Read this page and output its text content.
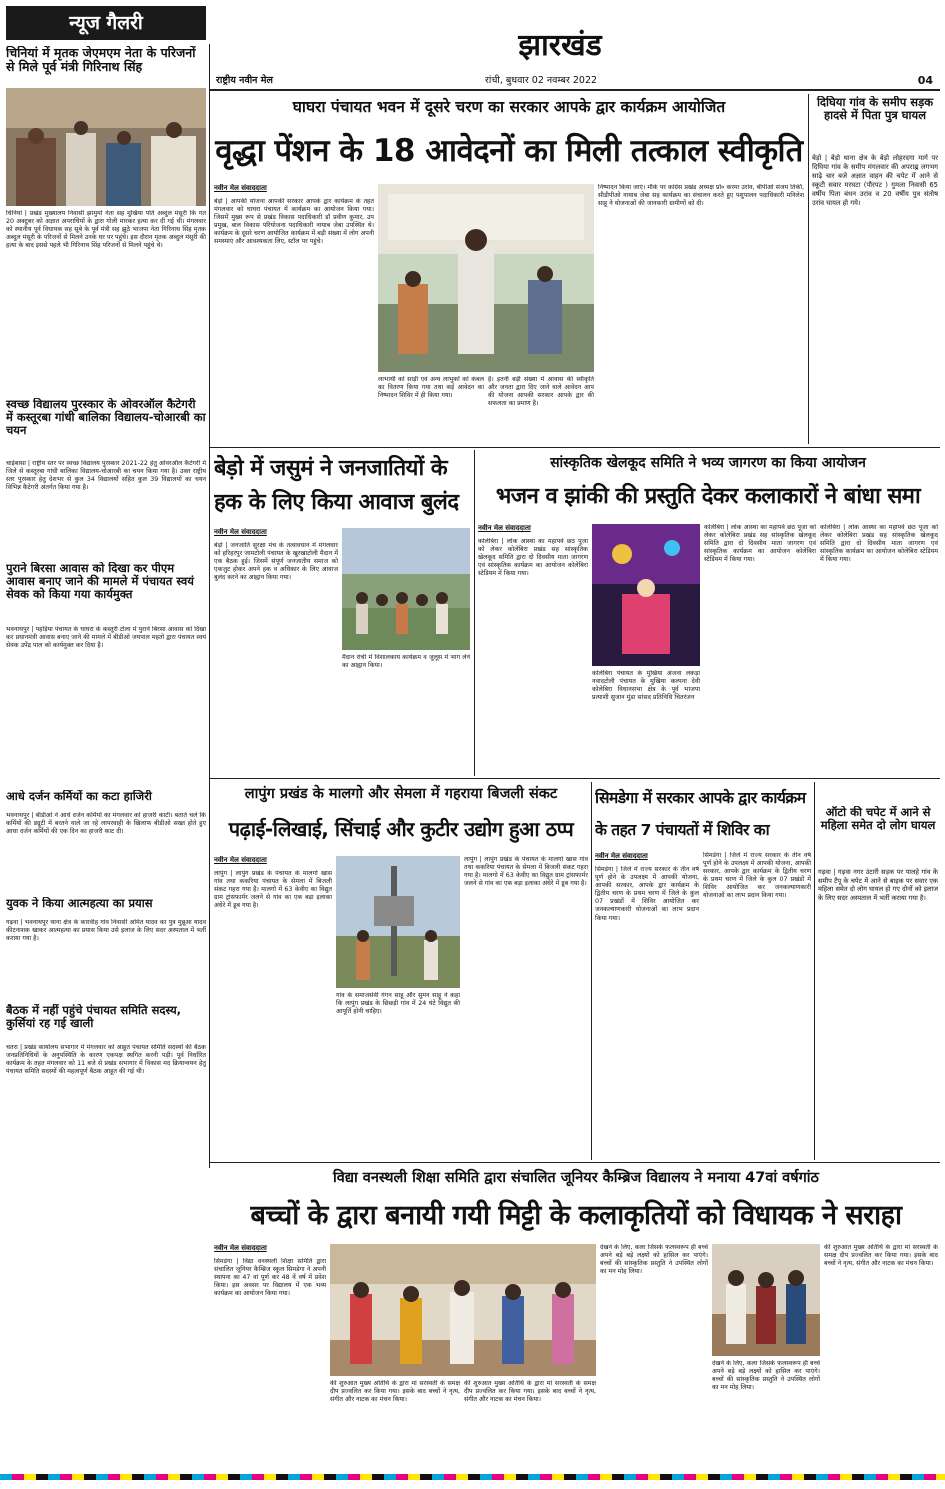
न्यूज गैलरी
झारखंड
राष्ट्रीय नवीन मेल	रांची, बुधवार 02 नवम्बर 2022	04
चिनियां में मृतक जेएमएम नेता के परिजनों से मिले पूर्व मंत्री गिरिनाथ सिंह
चिनियां | प्रखंड मुख्यालय निवासी झामुमो नेता सह मुखिया पति अब्दुल मंसूरी कि गत 20 अक्टूबर को अज्ञात अपराधियों के द्वारा गोली मारकर हत्या कर दी गई थी। मंगलवार को स्थानीय पूर्व विधायक सह सूबे के पूर्व मंत्री सह झूठे भाजपा नेता गिरिनाथ सिंह मृतक अब्दुल मंसूरी के परिजनों से मिलने उनके घर पर पहुंचे। इस दौरान मृतक अब्दुल मंसूरी की हत्या के बाद इससे पहले भी गिरिनाथ सिंह परिजनों से मिलने पहुंचे थे।
स्वच्छ विद्यालय पुरस्कार के ओवरऑल कैटेगरी में कस्तूरबा गांधी बालिका विद्यालय-चोआरबी का चयन
चाईबासा | राष्ट्रीय स्तर पर स्वच्छ विद्यालय पुरस्कार 2021-22 हेतु ओवरऑल कैटेगरी में जिले से कस्तूरबा गांधी बालिका विद्यालय-चोआरबी का चयन किया गया है। उक्त राष्ट्रीय स्तर पुरस्कार हेतु देशभर से कुल 34 विद्यालयों सहित कुल 39 विद्यालयों का चयन विभिन्न कैटेगरी अंतर्गत किया गया है।
पुराने बिरसा आवास को दिखा कर पीएम आवास बनाए जाने की मामले में पंचायत स्वयं सेवक को किया गया कार्यमुक्त
भवनाथपुर | पहड़िया पंचायत के घाघरा के कस्तूरी टोला में पुराने बिरसा आवास को दिखा कर प्रधानमंत्री आवास बनाए जाने की मामले में बीडीओ जयपाल महतो द्वारा पंचायत स्वयं सेवक उपेंद्र पाल को कार्यमुक्त कर दिया है।
आधे दर्जन कर्मियों का कटा हाजिरी
भवनाथपुर | बीडीओ ने आधे दर्जन कर्मियों का मंगलवार को हाजरी काटी। बताते चले कि कर्मियों की ड्यूटी में बरतने वाले जा रहे लापरवाही के खिलाफ बीडीओ सख्त होते हुए आधा दर्जन कर्मियों की एक दिन का हाजरी काट दी।
युवक ने किया आत्महत्या का प्रयास
गढ़वा | भवनाथपुर थाना क्षेत्र के कारवीह गांव निवासी अमित यादव का पुत्र मुन्नूआ यादव कीटनाशक खाकर आत्महत्या का प्रयास किया उसे इलाज के लिए सदर अस्पताल में भर्ती कराया गया है।
बैठक में नहीं पहुंचे पंचायत समिति सदस्य, कुर्सियां रह गई खाली
चतरा | प्रखंड कार्यालय सभागार में मंगलवार को आहूत पंचायत समिति सदस्यों की बैठक जनप्रतिनिधियों के अनुपस्थिति के कारण एकपक्ष स्थगित करनी पड़ी। पूर्व निर्धारित कार्यक्रम के तहत मंगलवार को 11 बजे से प्रखंड सभागार में विकास मद क्रियान्वयन हेतु पंचायत समिति सदस्यों की महत्वपूर्ण बैठक आहूत की गई थी।
घाघरा पंचायत भवन में दूसरे चरण का सरकार आपके द्वार कार्यक्रम आयोजित
वृद्धा पेंशन के 18 आवेदनों का मिली तत्काल स्वीकृति
नवीन मेल संवाददाता
बेड़ो | आपकी योजना आपकी सरकार आपके द्वार कार्यक्रम के तहत मंगलवार को घाघरा पंचायत में कार्यक्रम का आयोजन किया गया। जिसमें मुख्य रूप से प्रखंड विकास पदाधिकारी डॉ प्रवीण कुमार, उप प्रमुख, बाल विकास परियोजना पदाधिकारी नायाब जेबा उपस्थित थे। कार्यक्रम के दूसरे चरण आयोजित कार्यक्रम में बड़ी संख्या में लोग अपनी समस्याएं और आवश्यकता लिए, स्टॉल पर पहुंचे।
लाभार्थी को साड़ी एवं अन्य लाभुकों को कंबल का वितरण किया गया तथा कई आवेदन का निष्पादन शिविर में ही किया गया।
है। इतनी बड़ी संख्या में आवास की स्वीकृति और जनता द्वारा दिए जाने वाले आवेदन आप की योजना आपकी सरकार आपके द्वार की सफलता का प्रमाण है।
निष्पादन किया जाएं। मौके पर कांग्रेस प्रखंड अध्यक्ष प्रो० करमा उरांव, बीपीओ संजय तिर्की, सीडीपीओ नायाब जेबा सह कार्यक्रम का संचालन करते हुए पशुपालन पदाधिकारी मनिलेश साहू ने योजनाओं की जानकारी ग्रामीणों को दी।
दिघिया गांव के समीप सड़क हादसे में पिता पुत्र घायल
बेड़ो | बेड़ो थाना क्षेत्र के बेड़ो लोहरदगा मार्ग पर दिघिया गांव के समीप मंगलवार की अपराह्न लगभग साढ़े चार बजे अज्ञात वाहन की चपेट में आने से स्कूटी सवार मरघटा (पौरपट ) गुमला निवासी 65 वर्षीय पिता बंधन उरांव व 20 वर्षीय पुत्र संतोष उरांव घायल हो गये।
बेड़ो में जसुमं ने जनजातियों के हक के लिए किया आवाज बुलंद
नवीन मेल संवाददाता
बेड़ो | जनजाति सुरक्षा मंच के तत्वावधान में मंगलवार को हरिहरपुर जामटोली पंचायत के खुरखाटोली मैदान में एक बैठक हुई। जिसमें संपूर्ण जनजातीय समाज को एकजुट होकर अपने हक व अधिकार के लिए आवाज बुलंद करने का आह्वान किया गया।
मैदान रांची में विशालकाय कार्यक्रम व जुलूस में भाग लेने का आह्वान किया।
सांस्कृतिक खेलकूद समिति ने भव्य जागरण का किया आयोजन
भजन व झांकी की प्रस्तुति देकर कलाकारों ने बांधा समा
नवीन मेल संवाददाता
कोलेबिरा | लोक आस्था का महापर्व छठ पूजा को लेकर कोलेबिरा प्रखंड सह सांस्कृतिक खेलकूद समिति द्वारा दो दिवसीय माता जागरण एवं सांस्कृतिक कार्यक्रम का आयोजन कोलेबिरा स्टेडियम में किया गया।
कोलेबिरा पंचायत के मुखिया अंजना लकड़ा नवादटोली पंचायत के मुखिया कल्पना देवी कोलेबिरा विधानसभा क्षेत्र के पूर्व भाजपा प्रत्याशी सुजान मुंडा सांसद प्रतिनिधि चितरंजन
कोलेबिरा | लोक आस्था का महापर्व छठ पूजा को लेकर कोलेबिरा प्रखंड सह सांस्कृतिक खेलकूद समिति द्वारा दो दिवसीय माता जागरण एवं सांस्कृतिक कार्यक्रम का आयोजन कोलेबिरा स्टेडियम में किया गया।
कोलेबिरा | लोक आस्था का महापर्व छठ पूजा को लेकर कोलेबिरा प्रखंड सह सांस्कृतिक खेलकूद समिति द्वारा दो दिवसीय माता जागरण एवं सांस्कृतिक कार्यक्रम का आयोजन कोलेबिरा स्टेडियम में किया गया।
लापुंग प्रखंड के मालगो और सेमला में गहराया बिजली संकट
पढ़ाई-लिखाई, सिंचाई और कुटीर उद्योग हुआ ठप्प
नवीन मेल संवाददाता
लापुंग | लापुंग प्रखंड के पंचायत के मालगो खास गांव तथा ककरिया पंचायत के सेमला में बिजली संकट गहरा गया है। मालगो में 63 केवीए का विद्युत ग्राम ट्रांसफार्मर जलने से गांव का एक बड़ा इलाका अंधेरे में डूब गया है।
गांव के समाजसेवी गंगन साहू और सुमन साहू ने कहा कि लापुंग प्रखंड के छिछड़ी गांव में 24 घंटे विद्युत की आपूर्ति होनी चाहिए।
लापुंग | लापुंग प्रखंड के पंचायत के मालगो खास गांव तथा ककरिया पंचायत के सेमला में बिजली संकट गहरा गया है। मालगो में 63 केवीए का विद्युत ग्राम ट्रांसफार्मर जलने से गांव का एक बड़ा इलाका अंधेरे में डूब गया है।
सिमडेगा में सरकार आपके द्वार कार्यक्रम के तहत 7 पंचायतों में शिविर का
नवीन मेल संवाददाता
सिमडेगा | जिले में राज्य सरकार के तीन वर्ष पूर्ण होने के उपलक्ष्य में आपकी योजना, आपकी सरकार, आपके द्वार कार्यक्रम के द्वितीय चरण के प्रथम चरण में जिले के कुल 07 प्रखंडों में शिविर आयोजित कर जनकल्याणकारी योजनाओं का लाभ प्रदान किया गया।
सिमडेगा | जिले में राज्य सरकार के तीन वर्ष पूर्ण होने के उपलक्ष्य में आपकी योजना, आपकी सरकार, आपके द्वार कार्यक्रम के द्वितीय चरण के प्रथम चरण में जिले के कुल 07 प्रखंडों में शिविर आयोजित कर जनकल्याणकारी योजनाओं का लाभ प्रदान किया गया।
ऑटो की चपेट में आने से महिला समेत दो लोग घायल
गढ़वा | गढ़वा नगर उंटारी सड़क पर पालहे गांव के समीप टैंपू के चपेट में आने से बाइक पर सवार एक महिला समेत दो लोग घायल हो गए दोनों को इलाज के लिए सदर अस्पताल में भर्ती कराया गया है।
विद्या वनस्थली शिक्षा समिति द्वारा संचालित जूनियर कैम्ब्रिज विद्यालय ने मनाया 47वां वर्षगांठ
बच्चों के द्वारा बनायी गयी मिट्टी के कलाकृतियों को विधायक ने सराहा
नवीन मेल संवाददाता
सिमडेगा | विद्या वनस्थली शिक्षा समिति द्वारा संचालित जूनियर कैम्ब्रिज स्कूल सिमडेगा ने अपनी स्थापना का 47 वां पूर्ण कर 48 वें वर्ष में प्रवेश किया। इस अवसर पर विद्यालय में एक भव्य कार्यक्रम का आयोजन किया गया।
की शुरुआत मुख्य अतिथि के द्वारा मां सरस्वती के समक्ष दीप प्रज्वलित कर किया गया। इसके बाद बच्चों ने नृत्य, संगीत और नाटक का मंचन किया।
की शुरुआत मुख्य अतिथि के द्वारा मां सरस्वती के समक्ष दीप प्रज्वलित कर किया गया। इसके बाद बच्चों ने नृत्य, संगीत और नाटक का मंचन किया।
देखने के लिए, कला जिसके फलस्वरूप ही बच्चे अपने बड़े बड़े लक्ष्यों को हासिल कर पाएंगे। बच्चों की सांस्कृतिक प्रस्तुति ने उपस्थित लोगों का मन मोह लिया।
देखने के लिए, कला जिसके फलस्वरूप ही बच्चे अपने बड़े बड़े लक्ष्यों को हासिल कर पाएंगे। बच्चों की सांस्कृतिक प्रस्तुति ने उपस्थित लोगों का मन मोह लिया।
की शुरुआत मुख्य अतिथि के द्वारा मां सरस्वती के समक्ष दीप प्रज्वलित कर किया गया। इसके बाद बच्चों ने नृत्य, संगीत और नाटक का मंचन किया।
